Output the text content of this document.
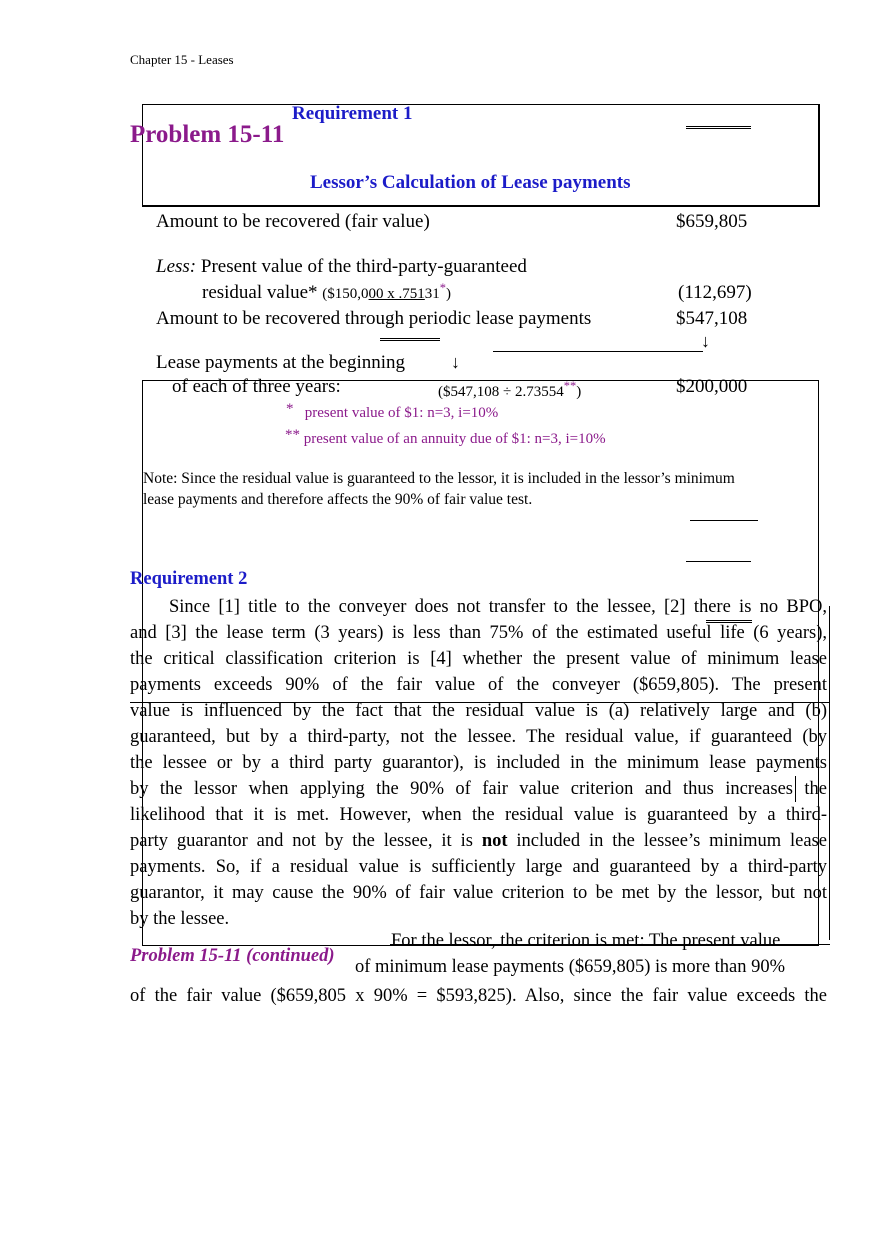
Chapter 15 - Leases
Requirement 1
Problem 15-11
Lessor’s Calculation of Lease payments
Amount to be recovered (fair value)	$659,805
Less: Present value of the third-party-guaranteed
residual value* ($150,000 x .75131*)	(112,697)
Amount to be recovered through periodic lease payments	$547,108
↓
↓
Lease payments at the beginning
of each of three years:	($547,108 ÷ 2.73554**)	$200,000
* present value of $1: n=3, i=10%
** present value of an annuity due of $1: n=3, i=10%
Note: Since the residual value is guaranteed to the lessor, it is included in the lessor’s minimum
lease payments and therefore affects the 90% of fair value test.
Requirement 2
Since [1] title to the conveyer does not transfer to the lessee, [2] there is no BPO,
and [3] the lease term (3 years) is less than 75% of the estimated useful life (6 years),
the critical classification criterion is [4] whether the present value of minimum lease
payments exceeds 90% of the fair value of the conveyer ($659,805). The present
value is influenced by the fact that the residual value is (a) relatively large and (b)
guaranteed, but by a third-party, not the lessee. The residual value, if guaranteed (by
the lessee or by a third party guarantor), is included in the minimum lease payments
by the lessor when applying the 90% of fair value criterion and thus increases the
likelihood that it is met. However, when the residual value is guaranteed by a third-
party guarantor and not by the lessee, it is not included in the lessee’s minimum lease
payments. So, if a residual value is sufficiently large and guaranteed by a third-party
guarantor, it may cause the 90% of fair value criterion to be met by the lessor, but not
by the lessee.
For the lessor, the criterion is met: The present value
Problem 15-11 (continued)
of minimum lease payments ($659,805) is more than 90%
of the fair value ($659,805 x 90% = $593,825). Also, since the fair value exceeds the
